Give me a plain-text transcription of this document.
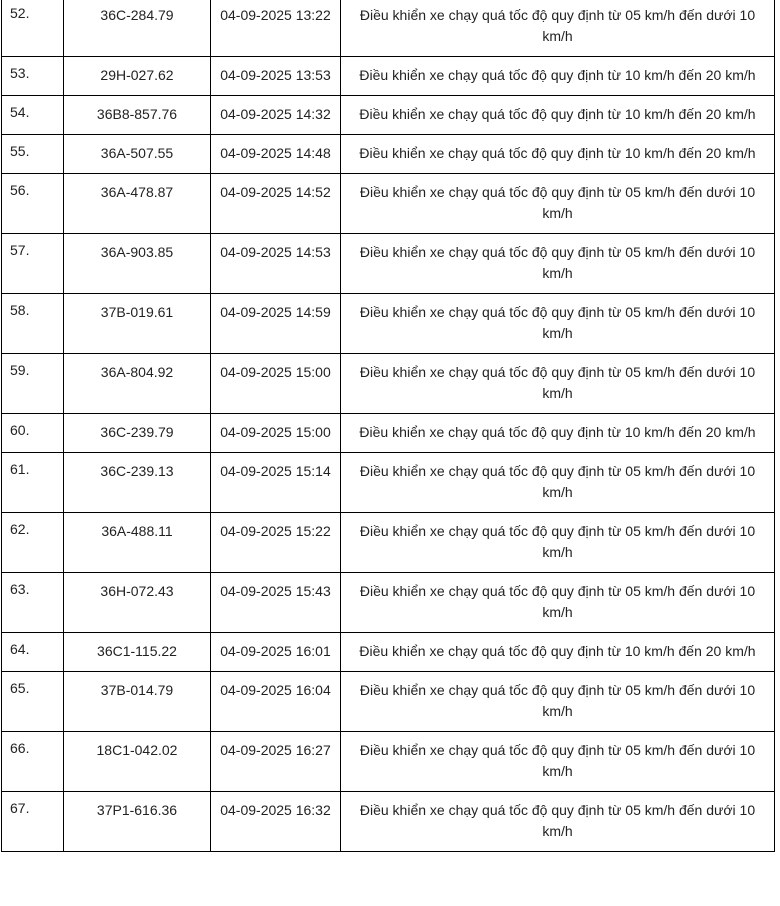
52.	36C-284.79	04-09-2025 13:22	Điều khiển xe chạy quá tốc độ quy định từ 05 km/h đến dưới 10 km/h
53.	29H-027.62	04-09-2025 13:53	Điều khiển xe chạy quá tốc độ quy định từ 10 km/h đến 20 km/h
54.	36B8-857.76	04-09-2025 14:32	Điều khiển xe chạy quá tốc độ quy định từ 10 km/h đến 20 km/h
55.	36A-507.55	04-09-2025 14:48	Điều khiển xe chạy quá tốc độ quy định từ 10 km/h đến 20 km/h
56.	36A-478.87	04-09-2025 14:52	Điều khiển xe chạy quá tốc độ quy định từ 05 km/h đến dưới 10 km/h
57.	36A-903.85	04-09-2025 14:53	Điều khiển xe chạy quá tốc độ quy định từ 05 km/h đến dưới 10 km/h
58.	37B-019.61	04-09-2025 14:59	Điều khiển xe chạy quá tốc độ quy định từ 05 km/h đến dưới 10 km/h
59.	36A-804.92	04-09-2025 15:00	Điều khiển xe chạy quá tốc độ quy định từ 05 km/h đến dưới 10 km/h
60.	36C-239.79	04-09-2025 15:00	Điều khiển xe chạy quá tốc độ quy định từ 10 km/h đến 20 km/h
61.	36C-239.13	04-09-2025 15:14	Điều khiển xe chạy quá tốc độ quy định từ 05 km/h đến dưới 10 km/h
62.	36A-488.11	04-09-2025 15:22	Điều khiển xe chạy quá tốc độ quy định từ 05 km/h đến dưới 10 km/h
63.	36H-072.43	04-09-2025 15:43	Điều khiển xe chạy quá tốc độ quy định từ 05 km/h đến dưới 10 km/h
64.	36C1-115.22	04-09-2025 16:01	Điều khiển xe chạy quá tốc độ quy định từ 10 km/h đến 20 km/h
65.	37B-014.79	04-09-2025 16:04	Điều khiển xe chạy quá tốc độ quy định từ 05 km/h đến dưới 10 km/h
66.	18C1-042.02	04-09-2025 16:27	Điều khiển xe chạy quá tốc độ quy định từ 05 km/h đến dưới 10 km/h
67.	37P1-616.36	04-09-2025 16:32	Điều khiển xe chạy quá tốc độ quy định từ 05 km/h đến dưới 10 km/h
